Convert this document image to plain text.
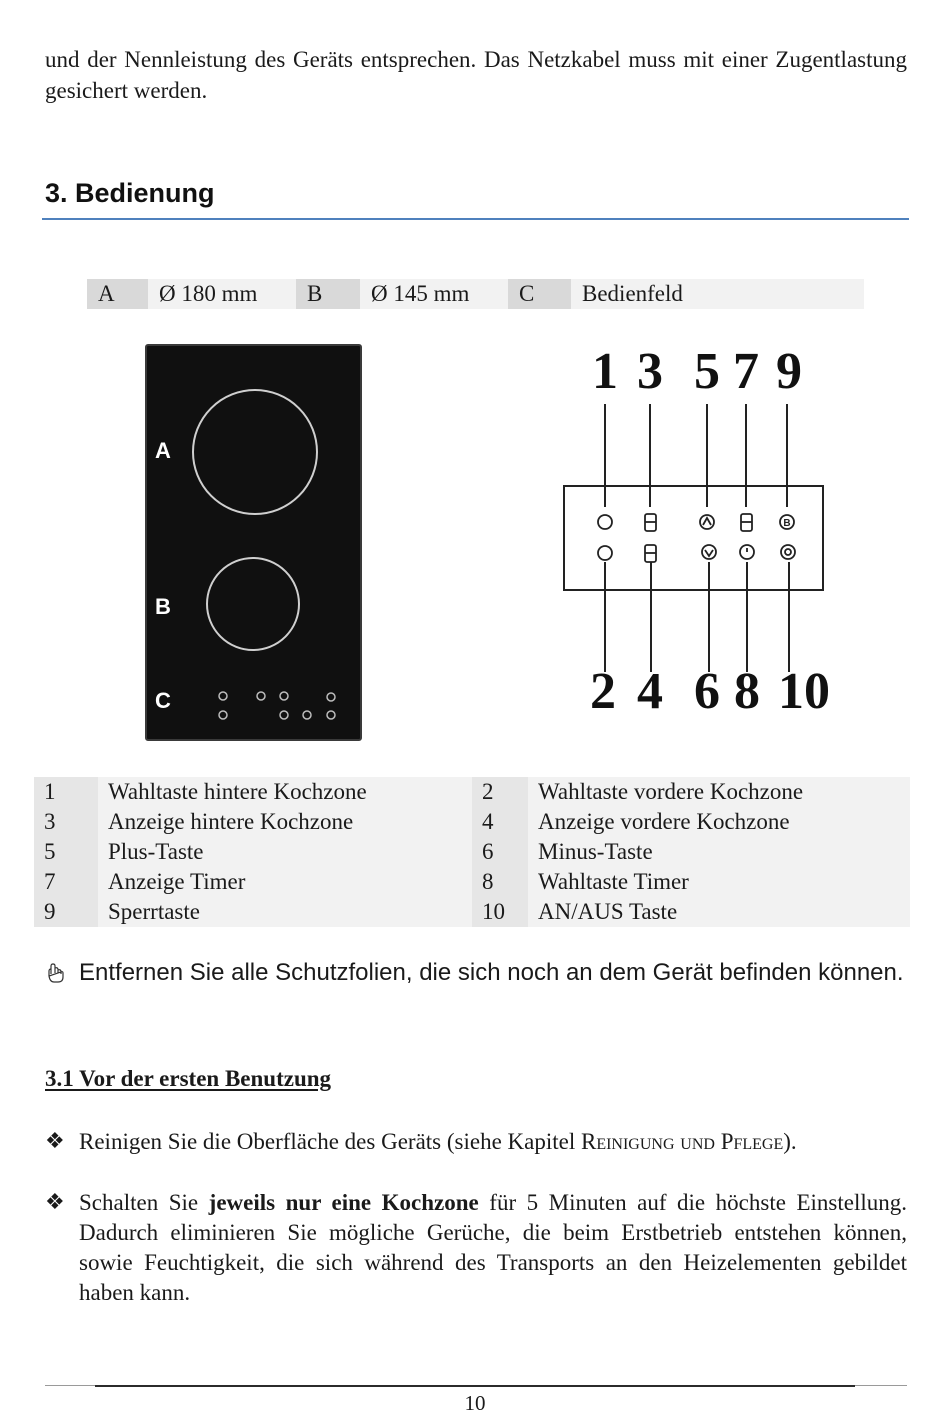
und der Nennleistung des Geräts entsprechen. Das Netzkabel muss mit einer Zugentlastung gesichert werden.
3. Bedienung
A	Ø 180 mm	B	Ø 145 mm	C	Bedienfeld
A
B
C
B
1 3 5 7 9
2 4 6 8 10
1	Wahltaste hintere Kochzone	2	Wahltaste vordere Kochzone
3	Anzeige hintere Kochzone	4	Anzeige vordere Kochzone
5	Plus-Taste	6	Minus-Taste
7	Anzeige Timer	8	Wahltaste Timer
9	Sperrtaste	10	AN/AUS Taste
Entfernen Sie alle Schutzfolien, die sich noch an dem Gerät befinden können.
3.1 Vor der ersten Benutzung
❖ Reinigen Sie die Oberfläche des Geräts (siehe Kapitel Reinigung und Pflege).
❖ Schalten Sie jeweils nur eine Kochzone für 5 Minuten auf die höchste Einstellung. Dadurch eliminieren Sie mögliche Gerüche, die beim Erstbetrieb entstehen können, sowie Feuchtigkeit, die sich während des Transports an den Heizelementen gebildet haben kann.
10
